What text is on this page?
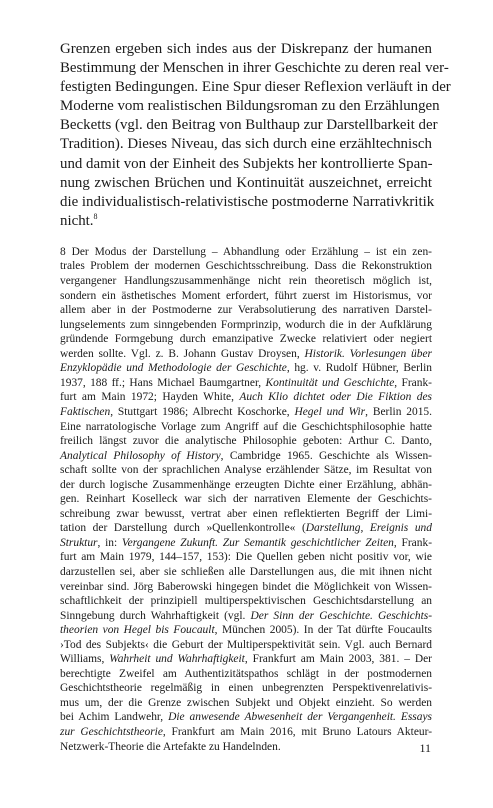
Grenzen ergeben sich indes aus der Diskrepanz der humanen
Bestimmung der Menschen in ihrer Geschichte zu deren real ver-
festigten Bedingungen. Eine Spur dieser Reflexion verläuft in der
Moderne vom realistischen Bildungsroman zu den Erzählungen
Becketts (vgl. den Beitrag von Bulthaup zur Darstellbarkeit der
Tradition). Dieses Niveau, das sich durch eine erzähltechnisch
und damit von der Einheit des Subjekts her kontrollierte Span-
nung zwischen Brüchen und Kontinuität auszeichnet, erreicht
die individualistisch-relativistische postmoderne Narrativkritik
nicht.$^8$
8 Der Modus der Darstellung – Abhandlung oder Erzählung – ist ein zen-
trales Problem der modernen Geschichtsschreibung. Dass die Rekonstruktion
vergangener Handlungszusammenhänge nicht rein theoretisch möglich ist,
sondern ein ästhetisches Moment erfordert, führt zuerst im Historismus, vor
allem aber in der Postmoderne zur Verabsolutierung des narrativen Darstel-
lungselements zum sinngebenden Formprinzip, wodurch die in der Aufklärung
gründende Formgebung durch emanzipative Zwecke relativiert oder negiert
werden sollte. Vgl. z. B. Johann Gustav Droysen, Historik. Vorlesungen über
Enzyklopädie und Methodologie der Geschichte, hg. v. Rudolf Hübner, Berlin
1937, 188 ff.; Hans Michael Baumgartner, Kontinuität und Geschichte, Frank-
furt am Main 1972; Hayden White, Auch Klio dichtet oder Die Fiktion des
Faktischen, Stuttgart 1986; Albrecht Koschorke, Hegel und Wir, Berlin 2015.
Eine narratologische Vorlage zum Angriff auf die Geschichtsphilosophie hatte
freilich längst zuvor die analytische Philosophie geboten: Arthur C. Danto,
Analytical Philosophy of History, Cambridge 1965. Geschichte als Wissen-
schaft sollte von der sprachlichen Analyse erzählender Sätze, im Resultat von
der durch logische Zusammenhänge erzeugten Dichte einer Erzählung, abhän-
gen. Reinhart Koselleck war sich der narrativen Elemente der Geschichts-
schreibung zwar bewusst, vertrat aber einen reflektierten Begriff der Limi-
tation der Darstellung durch »Quellenkontrolle« (Darstellung, Ereignis und
Struktur, in: Vergangene Zukunft. Zur Semantik geschichtlicher Zeiten, Frank-
furt am Main 1979, 144–157, 153): Die Quellen geben nicht positiv vor, wie
darzustellen sei, aber sie schließen alle Darstellungen aus, die mit ihnen nicht
vereinbar sind. Jörg Baberowski hingegen bindet die Möglichkeit von Wissen-
schaftlichkeit der prinzipiell multiperspektivischen Geschichtsdarstellung an
Sinngebung durch Wahrhaftigkeit (vgl. Der Sinn der Geschichte. Geschichts-
theorien von Hegel bis Foucault, München 2005). In der Tat dürfte Foucaults
›Tod des Subjekts‹ die Geburt der Multiperspektivität sein. Vgl. auch Bernard
Williams, Wahrheit und Wahrhaftigkeit, Frankfurt am Main 2003, 381. – Der
berechtigte Zweifel am Authentizitätspathos schlägt in der postmodernen
Geschichtstheorie regelmäßig in einen unbegrenzten Perspektivenrelativis-
mus um, der die Grenze zwischen Subjekt und Objekt einzieht. So werden
bei Achim Landwehr, Die anwesende Abwesenheit der Vergangenheit. Essays
zur Geschichtstheorie, Frankfurt am Main 2016, mit Bruno Latours Akteur-
Netzwerk-Theorie die Artefakte zu Handelnden.	11
